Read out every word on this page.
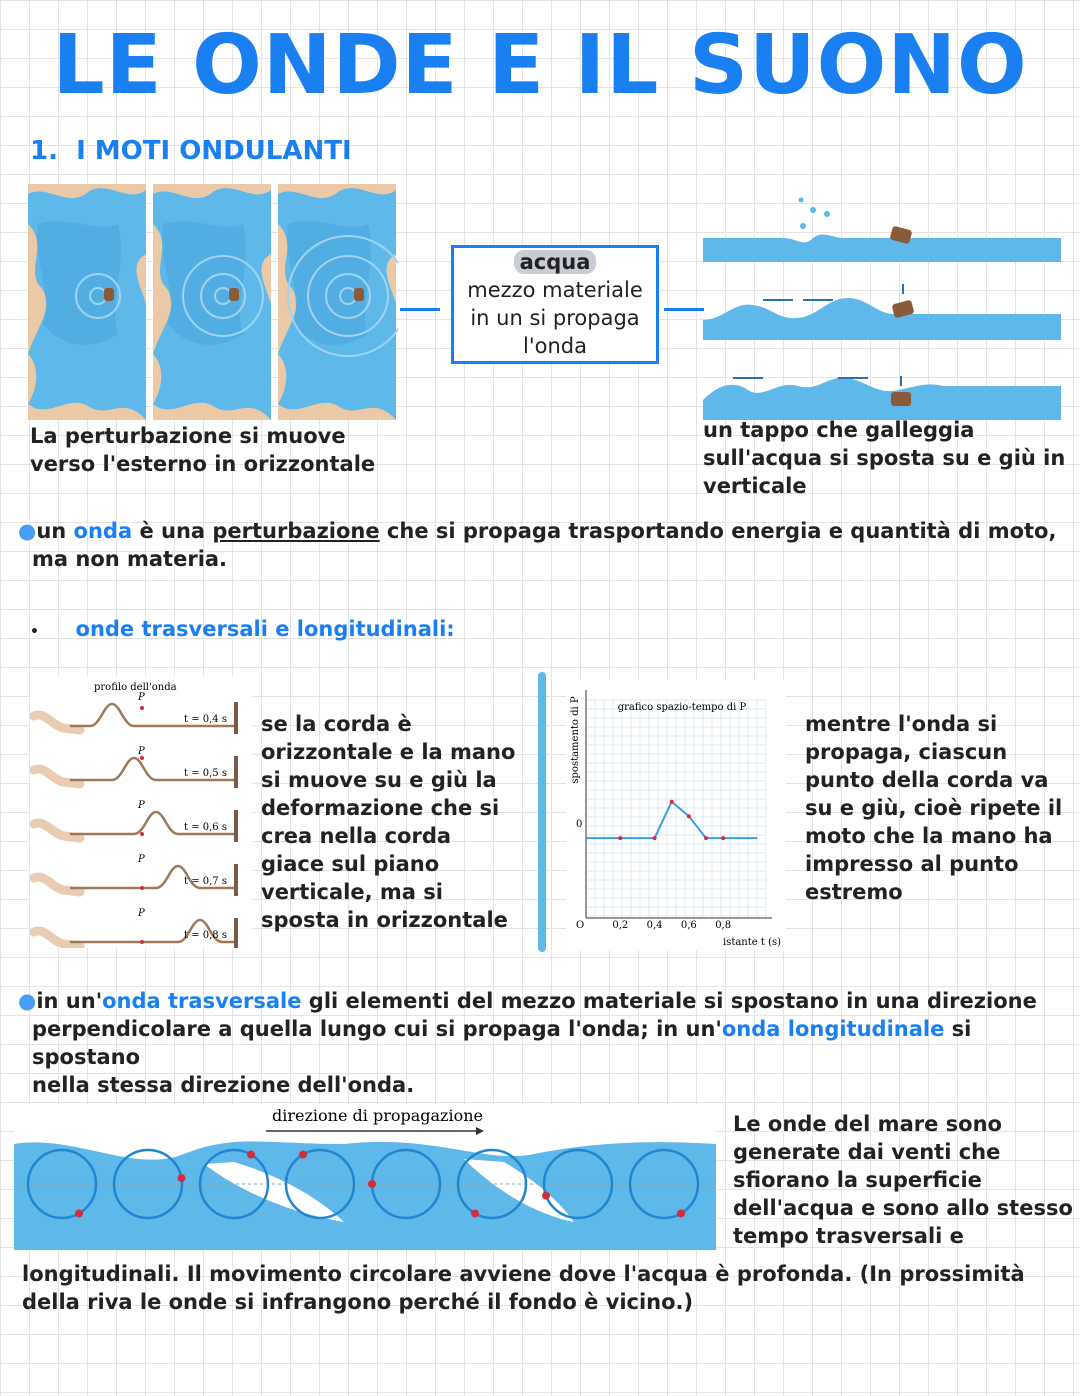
LE ONDE E IL SUONO
1. I MOTI ONDULANTI
acqua
mezzo materiale
in un si propaga
l'onda
La perturbazione si muove
verso l'esterno in orizzontale
un tappo che galleggia
sull'acqua si sposta su e giù in
verticale
●un onda è una perturbazione che si propaga trasportando energia e quantità di moto,
ma non materia.
• onde trasversali e longitudinali:
profilo dell'onda
P
t = 0,4 s
P
t = 0,5 s
P
t = 0,6 s
P
t = 0,7 s
P
t = 0,8 s
se la corda è
orizzontale e la mano
si muove su e giù la
deformazione che si
crea nella corda
giace sul piano
verticale, ma si
sposta in orizzontale
grafico spazio-tempo di P
spostamento di P
istante t (s)
O
0
0,2 0,4 0,6 0,8
mentre l'onda si
propaga, ciascun
punto della corda va
su e giù, cioè ripete il
moto che la mano ha
impresso al punto
estremo
●in un'onda trasversale gli elementi del mezzo materiale si spostano in una direzione
perpendicolare a quella lungo cui si propaga l'onda; in un'onda longitudinale si spostano
nella stessa direzione dell'onda.
direzione di propagazione	Le onde del mare sono
generate dai venti che
sfiorano la superficie
dell'acqua e sono allo stesso
tempo trasversali e
longitudinali. Il movimento circolare avviene dove l'acqua è profonda. (In prossimità
della riva le onde si infrangono perché il fondo è vicino.)
